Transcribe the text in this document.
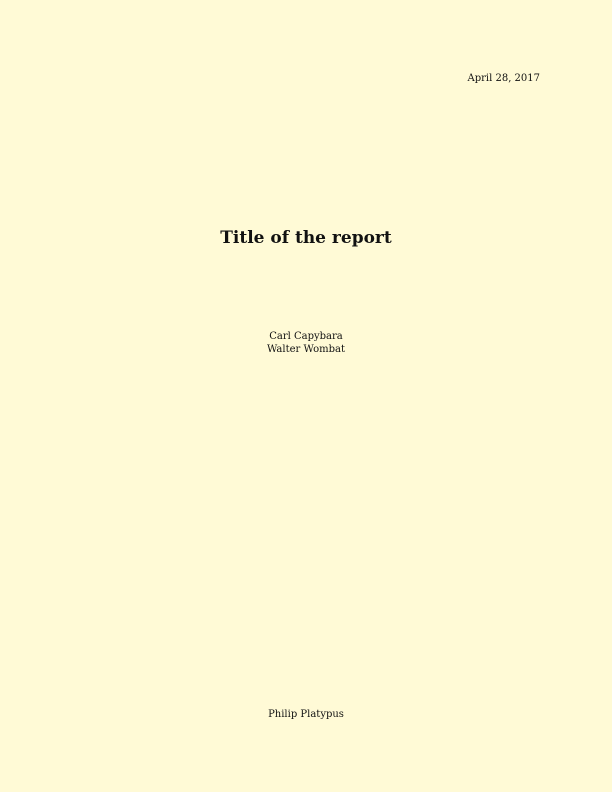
April 28, 2017
Title of the report
Carl Capybara
Walter Wombat
Philip Platypus
